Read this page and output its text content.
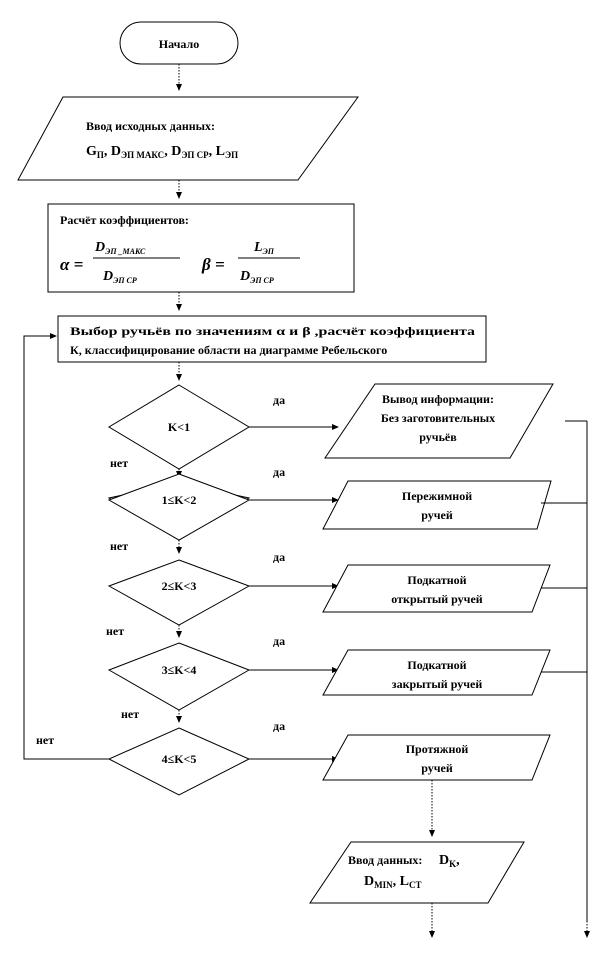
Начало
Ввод исходных данных:
$G_П$, $D_{ЭП МАКС}$, $D_{ЭП СР}$, $L_{ЭП}$
Расчёт коэффициентов:
α =
$D_{ЭП \_МАКС}$
$D_{ЭП СР}$
β =
$L_{ЭП}$
$D_{ЭП СР}$
Выбор ручьёв по значениям α и β ,расчёт коэффициента
К, классифицирование области на диаграмме Ребельского
нет
K<1
да
нет
Вывод информации:
Без заготовительных
ручьёв
1≤K<2
да
нет
Пережимной
ручей
2≤K<3
да
нет
Подкатной
открытый ручей
3≤K<4
да
нет
Подкатной
закрытый ручей
4≤K<5
да
Протяжной
ручей
Ввод данных: $D_K$,
$D_{MIN}$, $L_{CT}$
